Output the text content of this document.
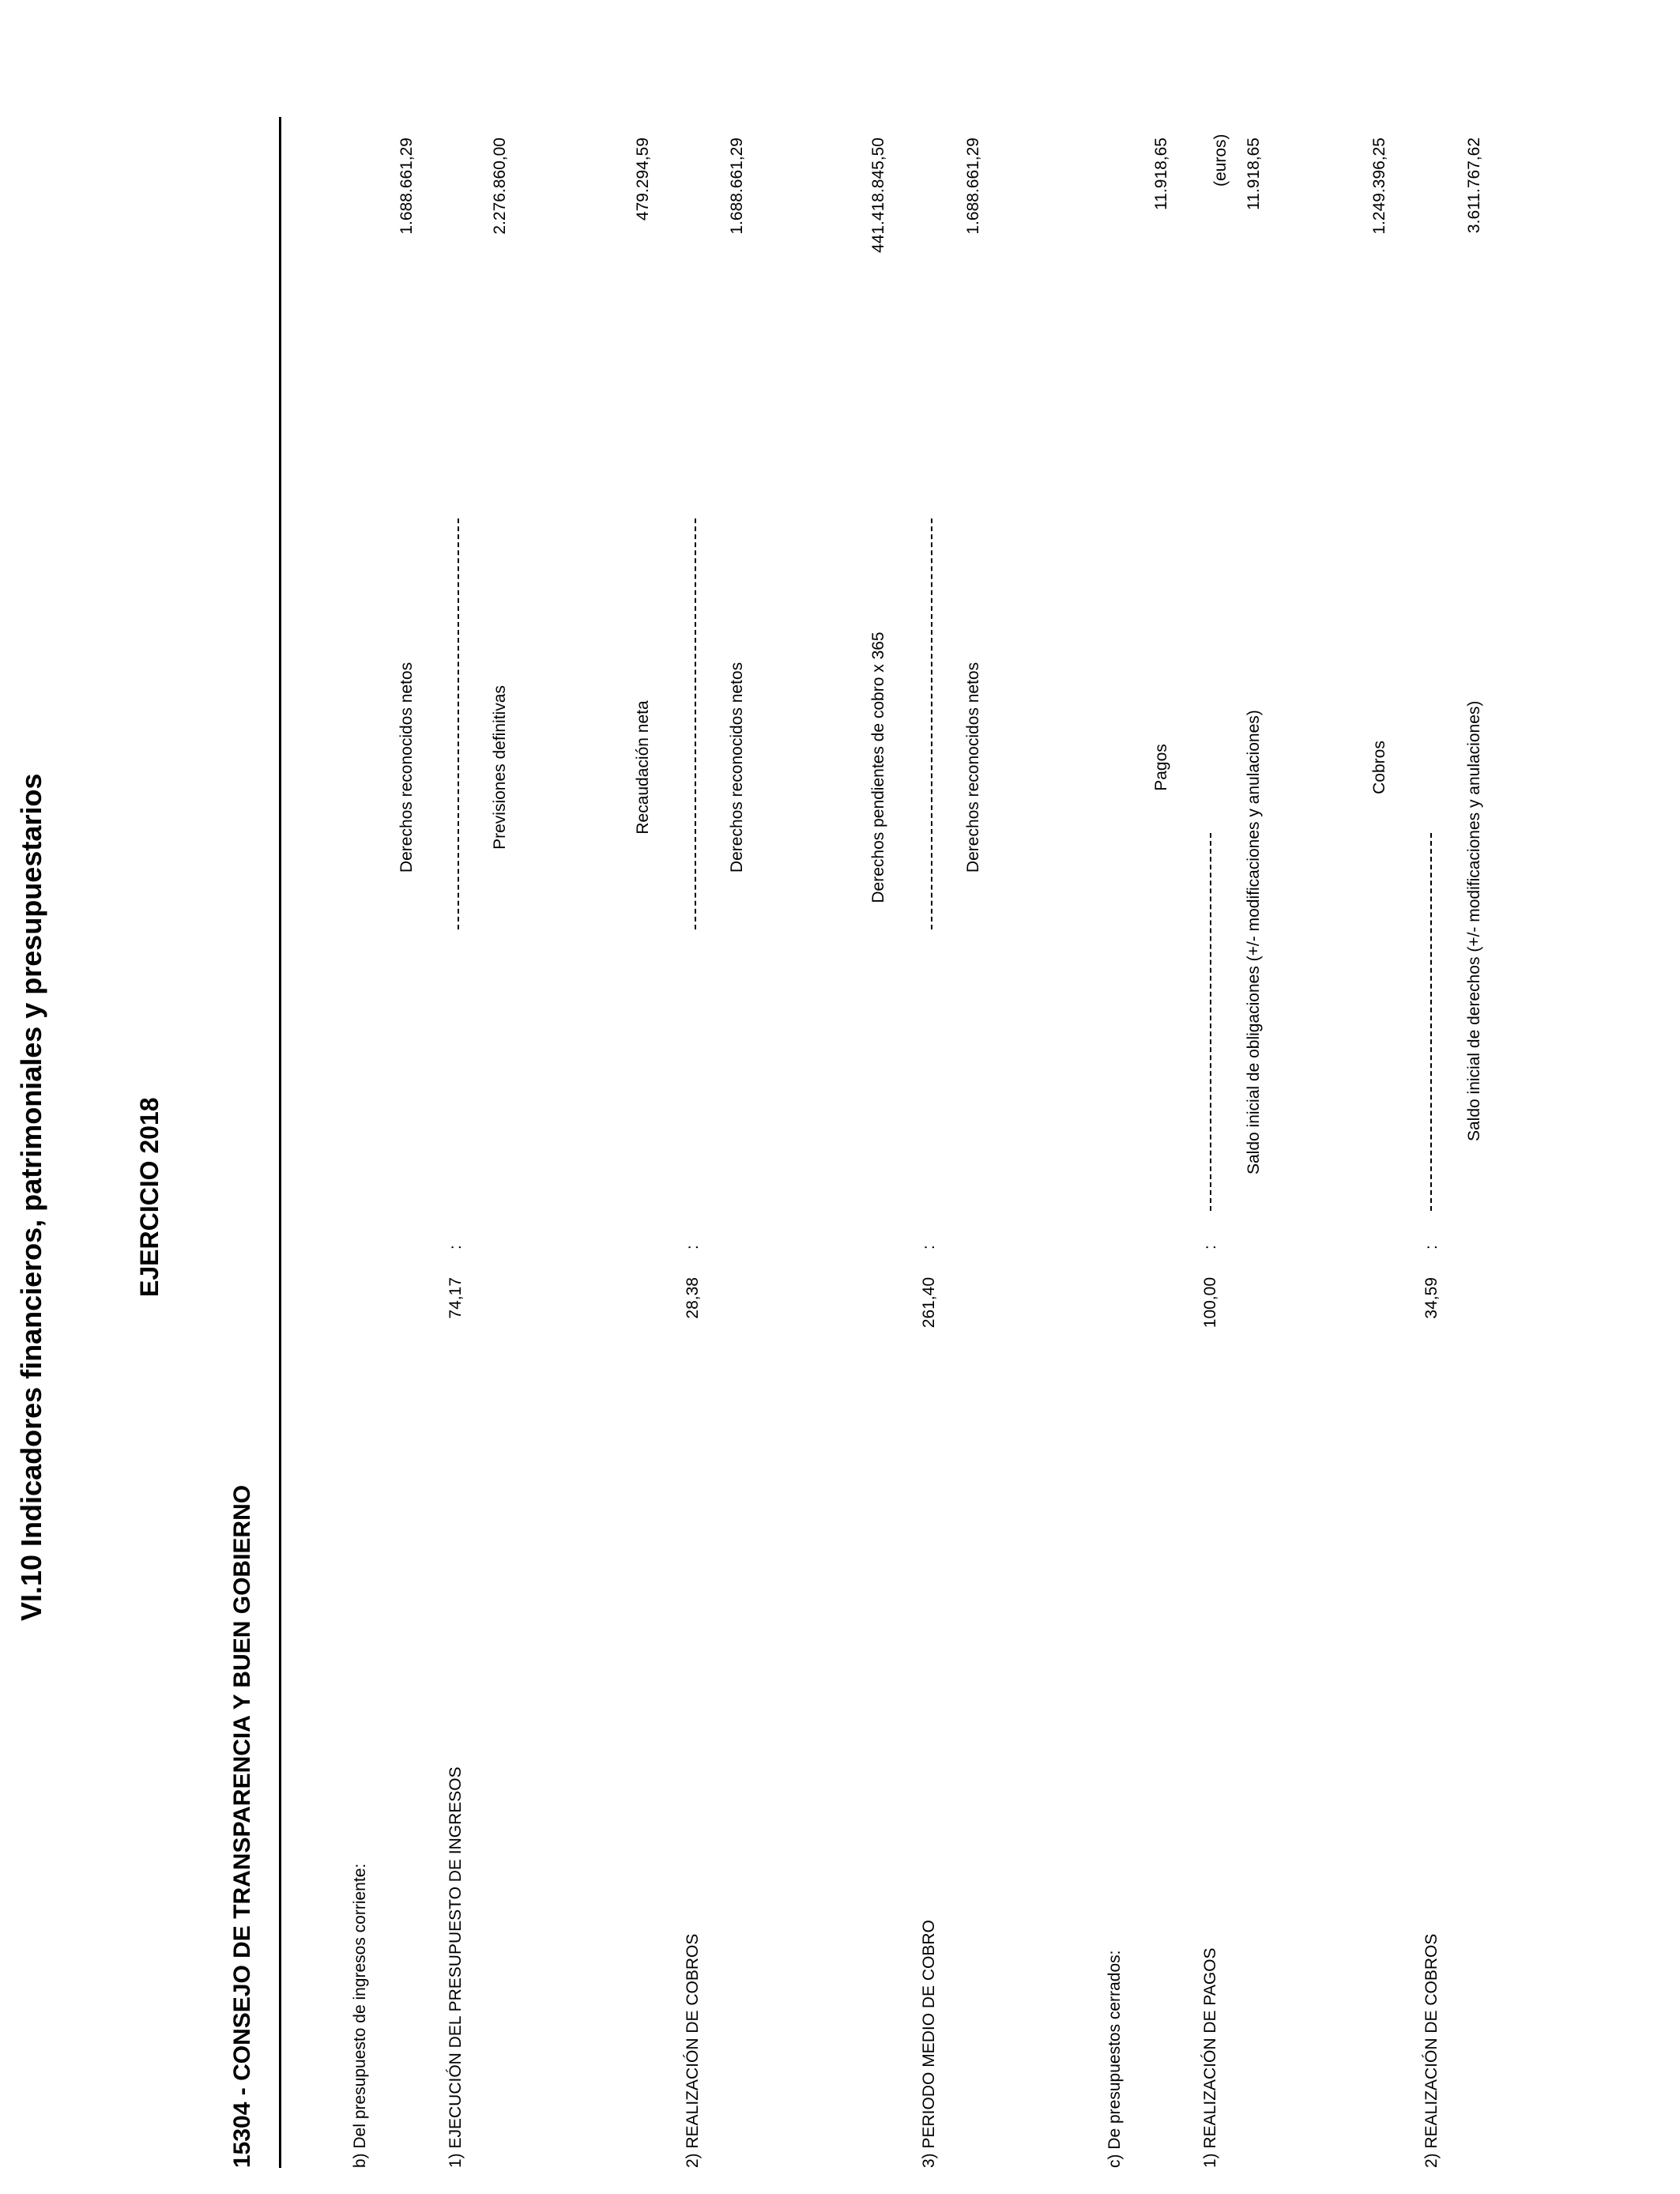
VI.10 Indicadores financieros, patrimoniales y presupuestarios	EJERCICIO 2018
15304 - CONSEJO DE TRANSPARENCIA Y BUEN GOBIERNO
(euros)
b) Del presupuesto de ingresos corriente:	1) EJECUCIÓN DEL PRESUPUESTO DE INGRESOS
74,17
:
Derechos reconocidos netos	Previsiones definitivas
1.688.661,29	2.276.860,00
2) REALIZACIÓN DE COBROS
28,38
:
Recaudación neta	Derechos reconocidos netos
479.294,59	1.688.661,29
3) PERIODO MEDIO DE COBRO
261,40
:
Derechos pendientes de cobro x 365	Derechos reconocidos netos
441.418.845,50	1.688.661,29
c) De presupuestos cerrados:	1) REALIZACIÓN DE PAGOS
100,00
:
Pagos	Saldo inicial de obligaciones (+/- modificaciones y anulaciones)
11.918,65	11.918,65
2) REALIZACIÓN DE COBROS
34,59
:
Cobros	Saldo inicial de derechos (+/- modificaciones y anulaciones)
1.249.396,25	3.611.767,62
